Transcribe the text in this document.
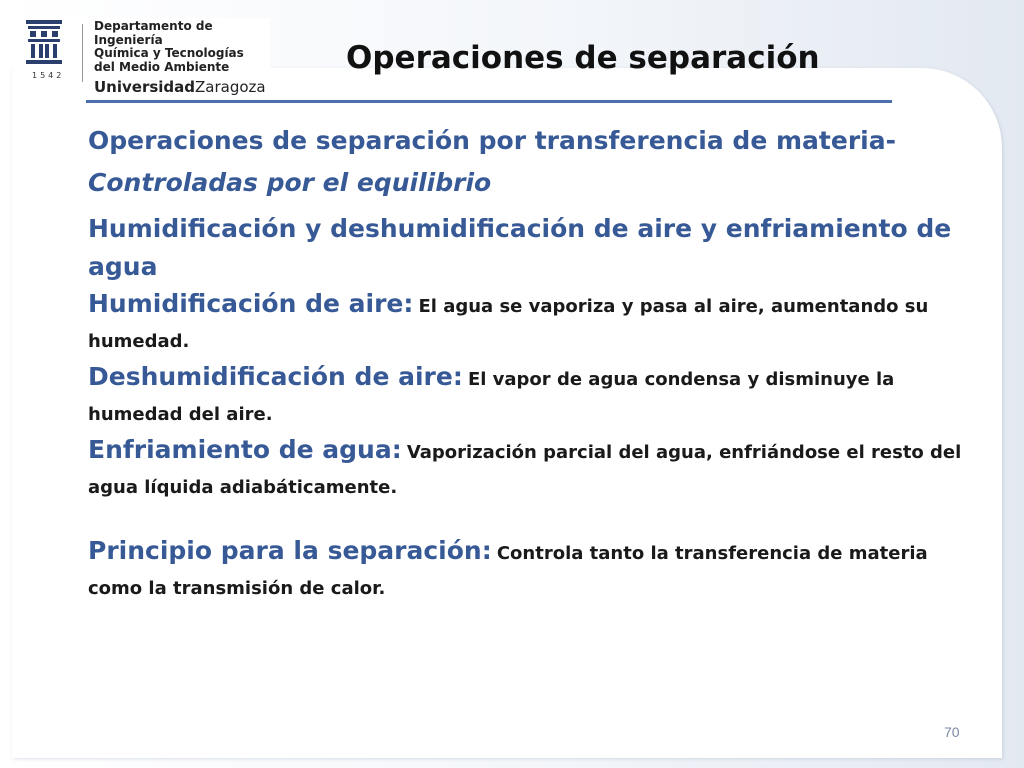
1542
Departamento de Ingeniería
Química y Tecnologías
del Medio Ambiente
UniversidadZaragoza
Operaciones de separación
Operaciones de separación por transferencia de materia-
Controladas por el equilibrio
Humidificación y deshumidificación de aire y enfriamiento de agua
Humidificación de aire: El agua se vaporiza y pasa al aire, aumentando su humedad.
Deshumidificación de aire: El vapor de agua condensa y disminuye la humedad del aire.
Enfriamiento de agua: Vaporización parcial del agua, enfriándose el resto del agua líquida adiabáticamente.
Principio para la separación: Controla tanto la transferencia de materia como la transmisión de calor.
70
